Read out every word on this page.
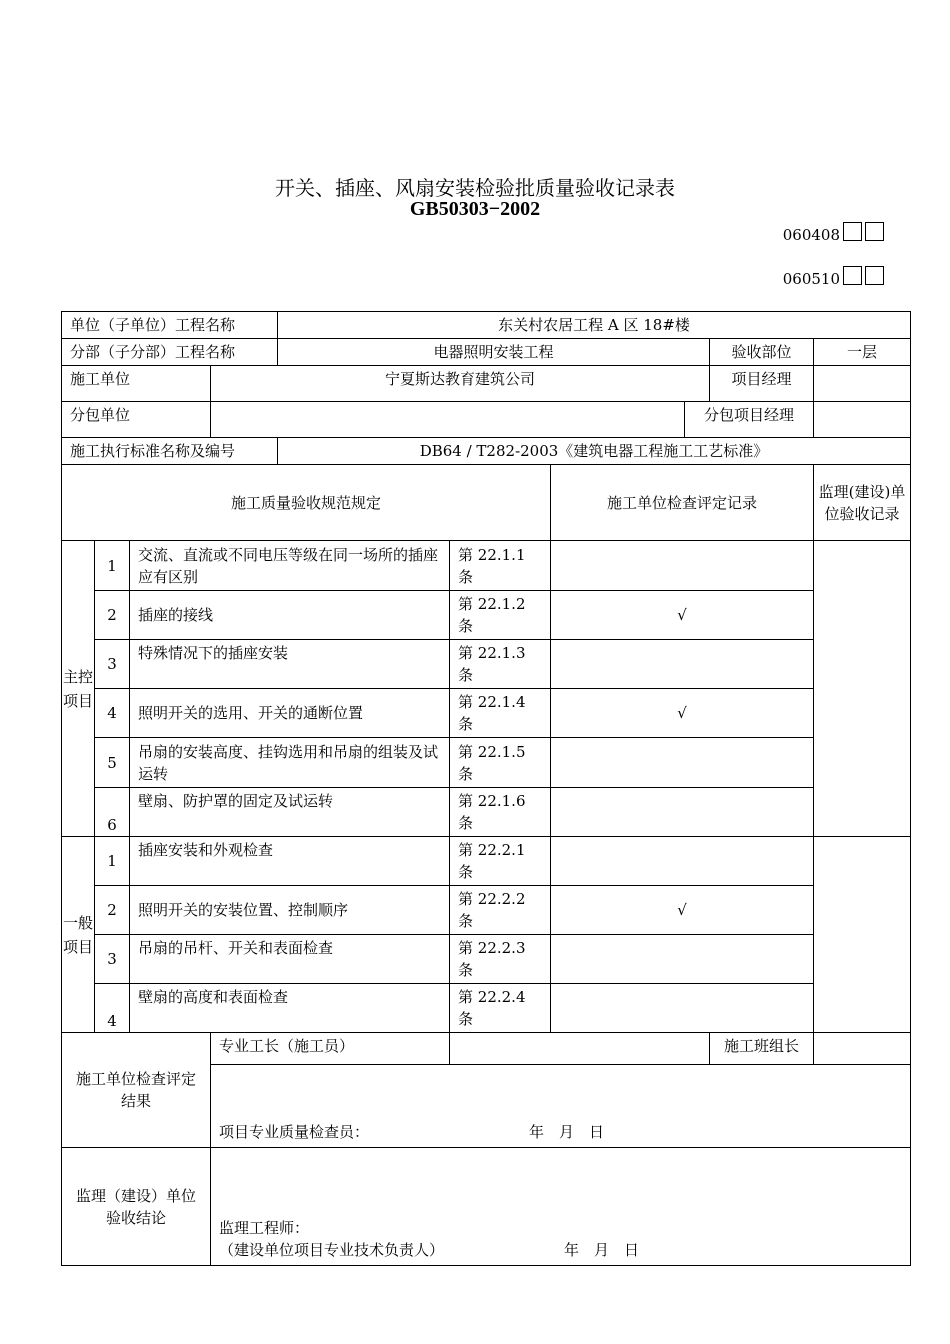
开关、插座、风扇安装检验批质量验收记录表
GB50303−2002
060408
060510
单位（子单位）工程名称				东关村农居工程 A 区 18#楼					
分部（子分部）工程名称				电器照明安装工程				验收部位	一层
施工单位			宁夏斯达教育建筑公司					项目经理	
分包单位							分包项目经理		
施工执行标准名称及编号				DB64 / T282-2003《建筑电器工程施工工艺标准》					
施工质量验收规范规定						施工单位检查评定记录			监理(建设)单位验收记录
主控项目	1	交流、直流或不同电压等级在同一场所的插座应有区别			第 22.1.1 条				
	2	插座的接线			第 22.1.2 条	√			
	3	特殊情况下的插座安装			第 22.1.3 条				
	4	照明开关的选用、开关的通断位置			第 22.1.4 条	√			
	5	吊扇的安装高度、挂钩选用和吊扇的组装及试运转			第 22.1.5 条				
	6	壁扇、防护罩的固定及试运转			第 22.1.6 条				
一般项目	1	插座安装和外观检查			第 22.2.1 条				
	2	照明开关的安装位置、控制顺序			第 22.2.2 条	√			
	3	吊扇的吊杆、开关和表面检查			第 22.2.3 条				
	4	壁扇的高度和表面检查			第 22.2.4 条				
施工单位检查评定结果			专业工长（施工员）					施工班组长	
			项目专业质量检查员： 年　月　日						
监理（建设）单位验收结论			监理工程师：
（建设单位项目专业技术负责人） 年　月　日						
